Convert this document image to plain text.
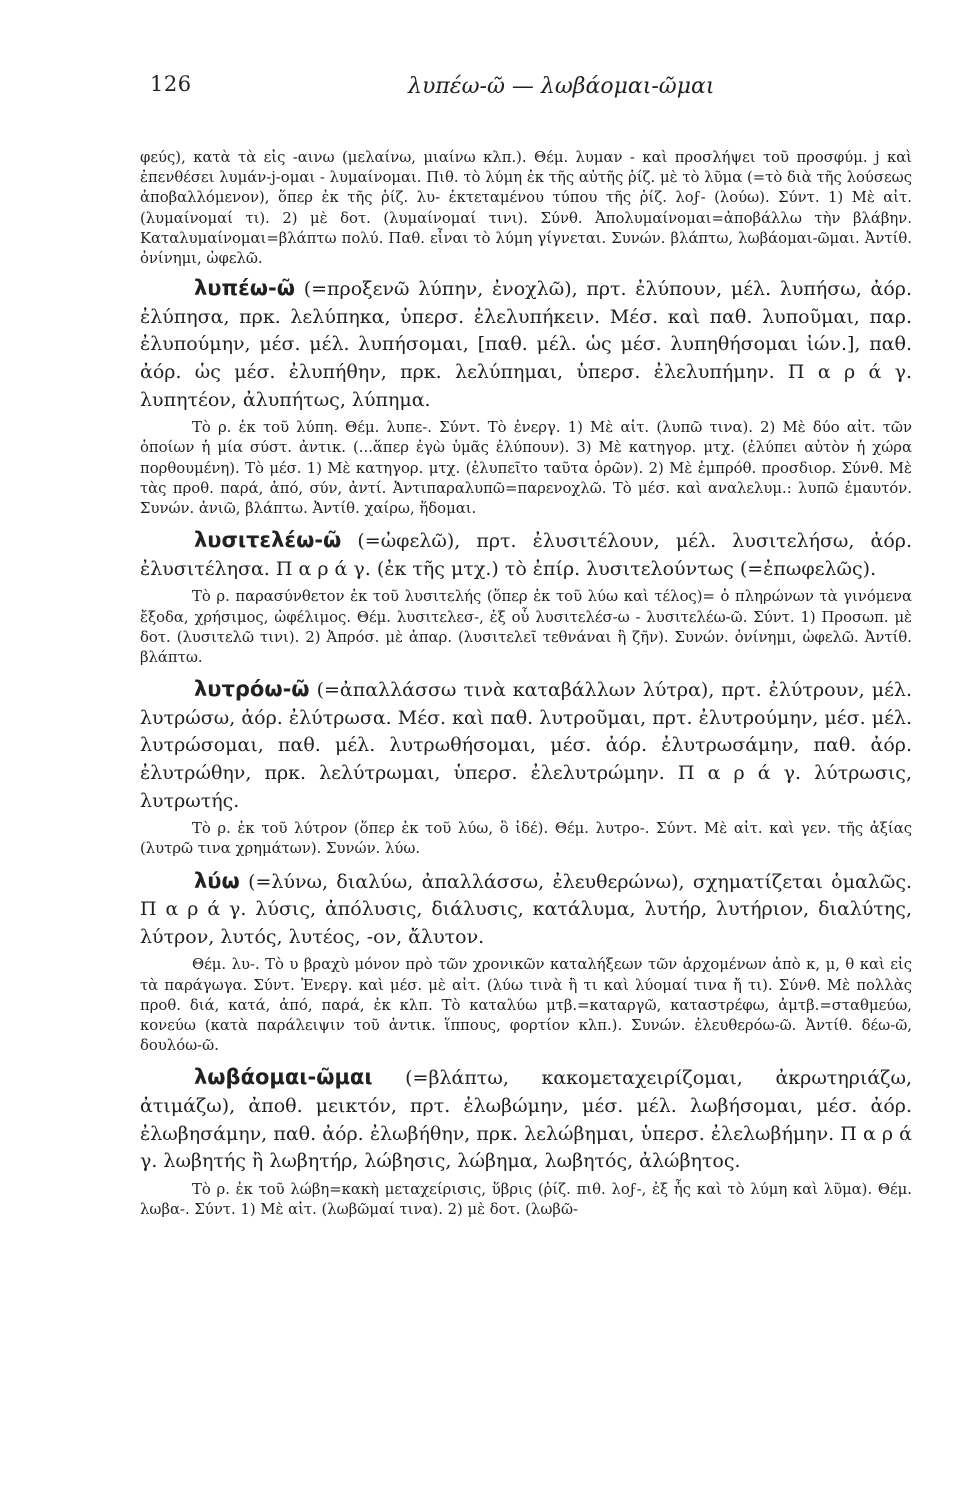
126	λυπέω-ῶ — λωβάομαι-ῶμαι

φεύς), κατὰ τὰ εἰς -αινω (μελαίνω, μιαίνω κλπ.). Θέμ. λυμαν - καὶ προσλήψει τοῦ προσφύμ. j καὶ ἐπενθέσει λυμάν-j-ομαι - λυμαίνομαι. Πιθ. τὸ λύμη ἐκ τῆς αὐτῆς ῥίζ. μὲ τὸ λῦμα (=τὸ διὰ τῆς λούσεως ἀποβαλλόμενον), ὅπερ ἐκ τῆς ῥίζ. λυ- ἐκτεταμένου τύπου τῆς ῥίζ. λοϝ- (λούω). Σύντ. 1) Μὲ αἰτ. (λυμαίνομαί τι). 2) μὲ δοτ. (λυμαίνομαί τινι). Σύνθ. Ἀπολυμαίνομαι=ἀποβάλλω τὴν βλάβην. Καταλυμαίνομαι=βλάπτω πολύ. Παθ. εἶναι τὸ λύμη γίγνεται. Συνών. βλάπτω, λωβάομαι-ῶμαι. Ἀντίθ. ὀνίνημι, ὠφελῶ.

λυπέω-ῶ (=προξενῶ λύπην, ἐνοχλῶ), πρτ. ἐλύπουν, μέλ. λυπήσω, ἀόρ. ἐλύπησα, πρκ. λελύπηκα, ὑπερσ. ἐλελυπήκειν. Μέσ. καὶ παθ. λυποῦμαι, παρ. ἐλυπούμην, μέσ. μέλ. λυπήσομαι, [παθ. μέλ. ὡς μέσ. λυπηθήσομαι ἰών.], παθ. ἀόρ. ὡς μέσ. ἐλυπήθην, πρκ. λελύπημαι, ὑπερσ. ἐλελυπήμην. Π α ρ ά γ. λυπητέον, ἀλυπήτως, λύπημα.

Τὸ ρ. ἐκ τοῦ λύπη. Θέμ. λυπε-. Σύντ. Τὸ ἐνεργ. 1) Μὲ αἰτ. (λυπῶ τινα). 2) Μὲ δύο αἰτ. τῶν ὁποίων ἡ μία σύστ. ἀντικ. (...ἅπερ ἐγὼ ὑμᾶς ἐλύπουν). 3) Μὲ κατηγορ. μτχ. (ἐλύπει αὐτὸν ἡ χώρα πορθουμένη). Τὸ μέσ. 1) Μὲ κατηγορ. μτχ. (ἐλυπεῖτο ταῦτα ὁρῶν). 2) Μὲ ἐμπρόθ. προσδιορ. Σύνθ. Μὲ τὰς προθ. παρά, ἀπό, σύν, ἀντί. Ἀντιπαραλυπῶ=παρενοχλῶ. Τὸ μέσ. καὶ αναλελυμ.: λυπῶ ἐμαυτόν. Συνών. ἀνιῶ, βλάπτω. Ἀντίθ. χαίρω, ἥδομαι.

λυσιτελέω-ῶ (=ὠφελῶ), πρτ. ἐλυσιτέλουν, μέλ. λυσιτελήσω, ἀόρ. ἐλυσιτέλησα. Π α ρ ά γ. (ἐκ τῆς μτχ.) τὸ ἐπίρ. λυσιτελούντως (=ἐπωφελῶς).

Τὸ ρ. παρασύνθετον ἐκ τοῦ λυσιτελής (ὅπερ ἐκ τοῦ λύω καὶ τέλος)= ὁ πληρώνων τὰ γινόμενα ἔξοδα, χρήσιμος, ὠφέλιμος. Θέμ. λυσιτελεσ-, ἐξ οὗ λυσιτελέσ-ω - λυσιτελέω-ῶ. Σύντ. 1) Προσωπ. μὲ δοτ. (λυσιτελῶ τινι). 2) Ἀπρόσ. μὲ ἀπαρ. (λυσιτελεῖ τεθνάναι ἢ ζῆν). Συνών. ὀνίνημι, ὠφελῶ. Ἀντίθ. βλάπτω.

λυτρόω-ῶ (=ἀπαλλάσσω τινὰ καταβάλλων λύτρα), πρτ. ἐλύτρουν, μέλ. λυτρώσω, ἀόρ. ἐλύτρωσα. Μέσ. καὶ παθ. λυτροῦμαι, πρτ. ἐλυτρούμην, μέσ. μέλ. λυτρώσομαι, παθ. μέλ. λυτρωθήσομαι, μέσ. ἀόρ. ἐλυτρωσάμην, παθ. ἀόρ. ἐλυτρώθην, πρκ. λελύτρωμαι, ὑπερσ. ἐλελυτρώμην. Π α ρ ά γ. λύτρωσις, λυτρωτής.

Τὸ ρ. ἐκ τοῦ λύτρον (ὅπερ ἐκ τοῦ λύω, ὃ ἰδέ). Θέμ. λυτρο-. Σύντ. Μὲ αἰτ. καὶ γεν. τῆς ἀξίας (λυτρῶ τινα χρημάτων). Συνών. λύω.

λύω (=λύνω, διαλύω, ἀπαλλάσσω, ἐλευθερώνω), σχηματίζεται ὁμαλῶς. Π α ρ ά γ. λύσις, ἀπόλυσις, διάλυσις, κατάλυμα, λυτήρ, λυτήριον, διαλύτης, λύτρον, λυτός, λυτέος, -ον, ἄλυτον.

Θέμ. λυ-. Τὸ υ βραχὺ μόνον πρὸ τῶν χρονικῶν καταλήξεων τῶν ἀρχομένων ἀπὸ κ, μ, θ καὶ εἰς τὰ παράγωγα. Σύντ. Ἐνεργ. καὶ μέσ. μὲ αἰτ. (λύω τινὰ ἢ τι καὶ λύομαί τινα ἤ τι). Σύνθ. Μὲ πολλὰς προθ. διά, κατά, ἀπό, παρά, ἐκ κλπ. Τὸ καταλύω μτβ.=καταργῶ, καταστρέφω, ἀμτβ.=σταθμεύω, κονεύω (κατὰ παράλειψιν τοῦ ἀντικ. ἵππους, φορτίον κλπ.). Συνών. ἐλευθερόω-ῶ. Ἀντίθ. δέω-ῶ, δουλόω-ῶ.

λωβάομαι-ῶμαι (=βλάπτω, κακομεταχειρίζομαι, ἀκρωτηριάζω, ἀτιμάζω), ἀποθ. μεικτόν, πρτ. ἐλωβώμην, μέσ. μέλ. λωβήσομαι, μέσ. ἀόρ. ἐλωβησάμην, παθ. ἀόρ. ἐλωβήθην, πρκ. λελώβημαι, ὑπερσ. ἐλελωβήμην. Π α ρ ά γ. λωβητής ἢ λωβητήρ, λώβησις, λώβημα, λωβητός, ἀλώβητος.

Τὸ ρ. ἐκ τοῦ λώβη=κακὴ μεταχείρισις, ὕβρις (ῥίζ. πιθ. λοϝ-, ἐξ ἧς καὶ τὸ λύμη καὶ λῦμα). Θέμ. λωβα-. Σύντ. 1) Μὲ αἰτ. (λωβῶμαί τινα). 2) μὲ δοτ. (λωβῶ-
